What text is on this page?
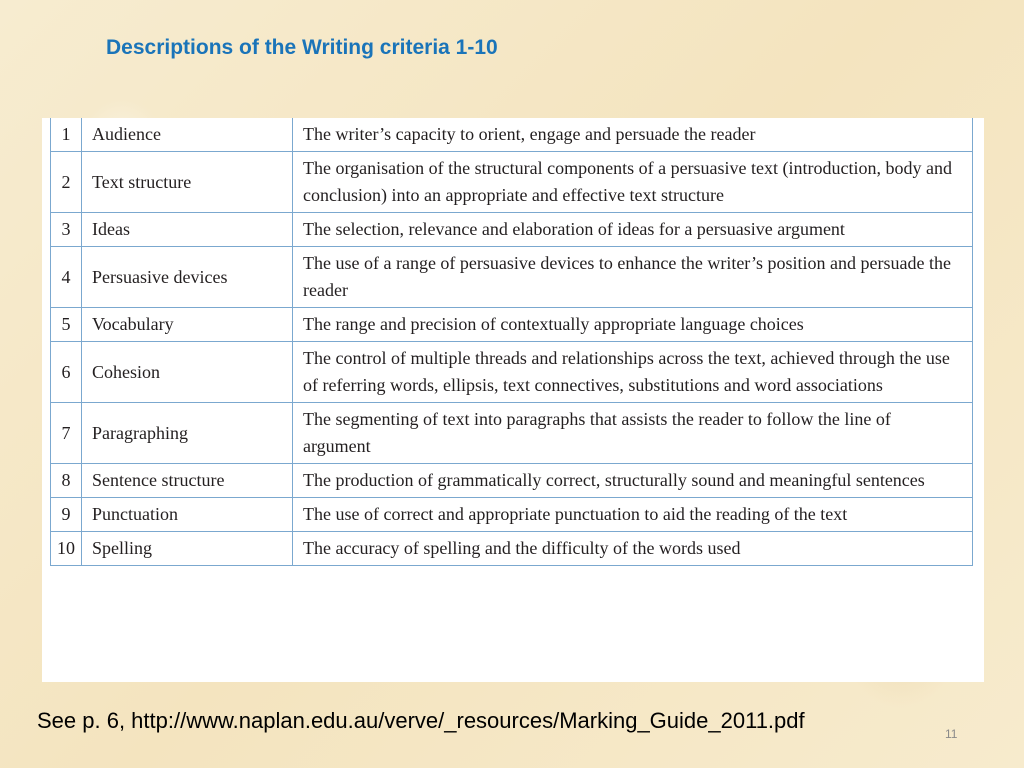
Descriptions of the Writing criteria 1-10
1	Audience	The writer’s capacity to orient, engage and persuade the reader
2	Text structure	The organisation of the structural components of a persuasive text (introduction, body and conclusion) into an appropriate and effective text structure
3	Ideas	The selection, relevance and elaboration of ideas for a persuasive argument
4	Persuasive devices	The use of a range of persuasive devices to enhance the writer’s position and persuade the reader
5	Vocabulary	The range and precision of contextually appropriate language choices
6	Cohesion	The control of multiple threads and relationships across the text, achieved through the use of referring words, ellipsis, text connectives, substitutions and word associations
7	Paragraphing	The segmenting of text into paragraphs that assists the reader to follow the line of argument
8	Sentence structure	The production of grammatically correct, structurally sound and meaningful sentences
9	Punctuation	The use of correct and appropriate punctuation to aid the reading of the text
10	Spelling	The accuracy of spelling and the difficulty of the words used
See p. 6, http://www.naplan.edu.au/verve/_resources/Marking_Guide_2011.pdf
11
